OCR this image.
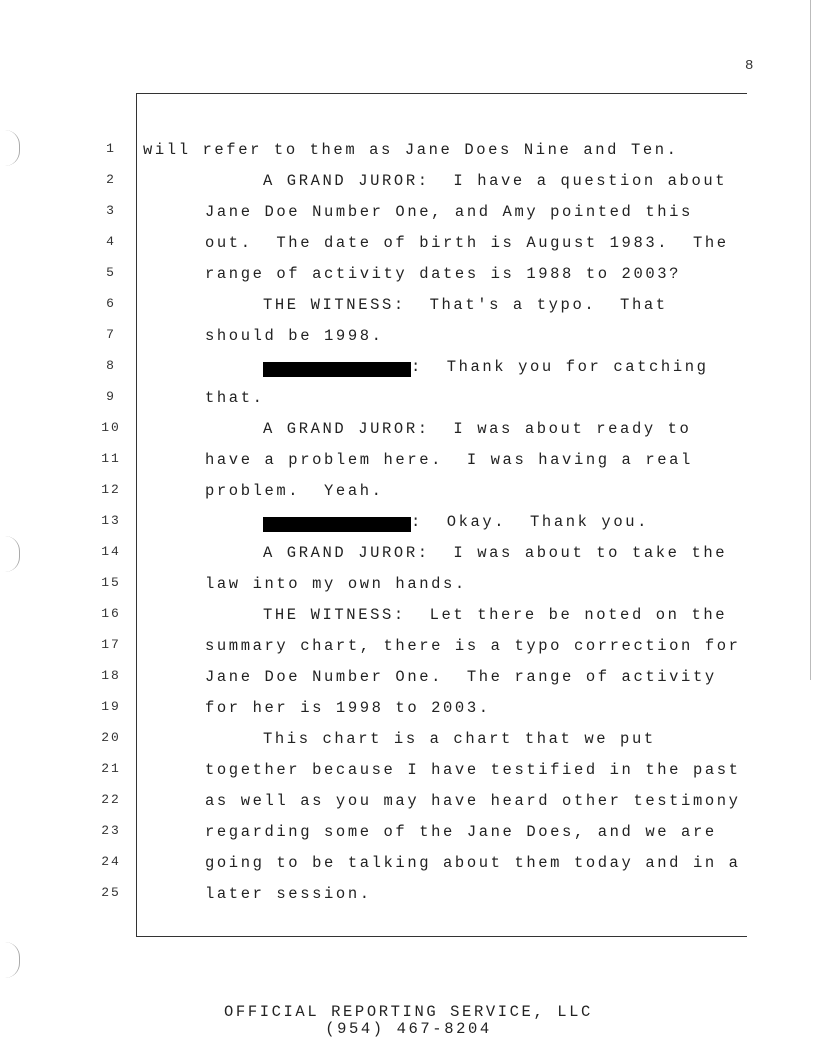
8
1	will refer to them as Jane Does Nine and Ten.
2	A GRAND JUROR:  I have a question about
3	Jane Doe Number One, and Amy pointed this
4	out.  The date of birth is August 1983.  The
5	range of activity dates is 1988 to 2003?
6	THE WITNESS:  That's a typo.  That
7	should be 1998.
8	:  Thank you for catching
9	that.
10	A GRAND JUROR:  I was about ready to
11	have a problem here.  I was having a real
12	problem.  Yeah.
13	:  Okay.  Thank you.
14	A GRAND JUROR:  I was about to take the
15	law into my own hands.
16	THE WITNESS:  Let there be noted on the
17	summary chart, there is a typo correction for
18	Jane Doe Number One.  The range of activity
19	for her is 1998 to 2003.
20	This chart is a chart that we put
21	together because I have testified in the past
22	as well as you may have heard other testimony
23	regarding some of the Jane Does, and we are
24	going to be talking about them today and in a
25	later session.
OFFICIAL REPORTING SERVICE, LLC
(954) 467-8204
